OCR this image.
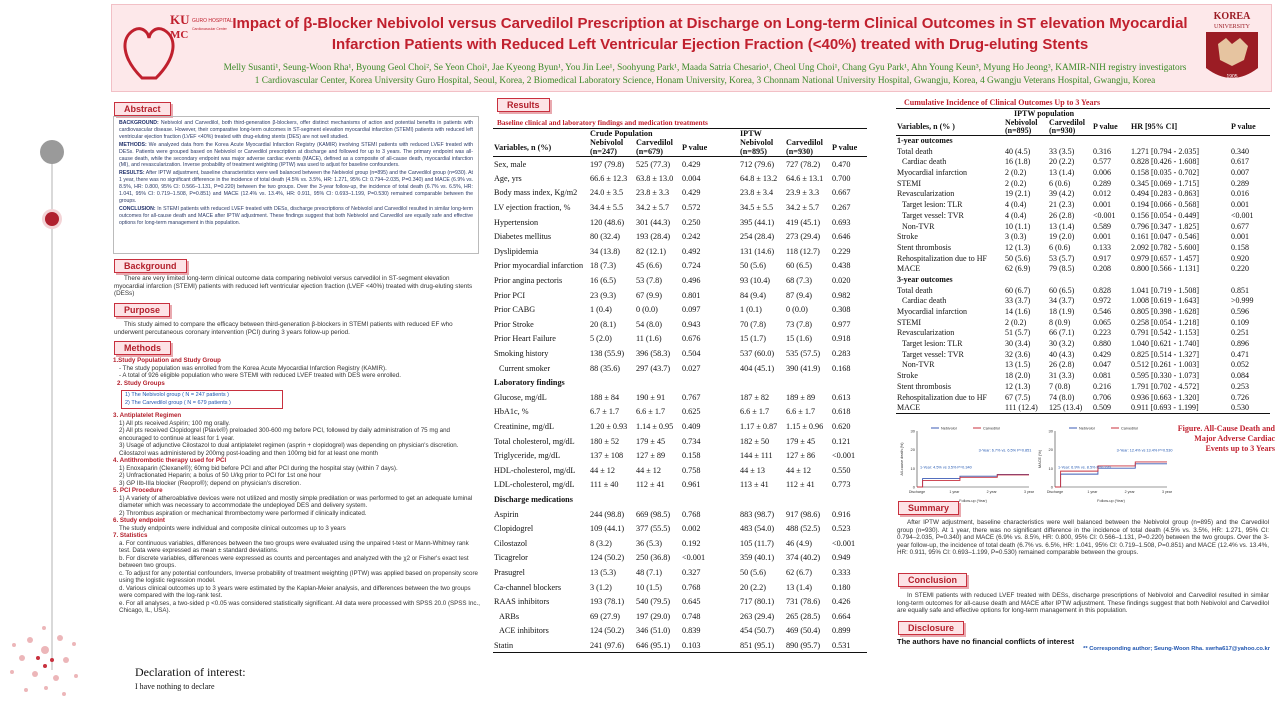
KU
MC
GURO HOSPITAL
Cardiovascular Center
KOREA
UNIVERSITY
1905
Impact of β-Blocker Nebivolol versus Carvedilol Prescription at Discharge on Long-term Clinical Outcomes in ST elevation Myocardial
Infarction Patients with Reduced Left Ventricular Ejection Fraction (<40%) treated with Drug-eluting Stents
Melly Susanti¹, Seung-Woon Rha¹, Byoung Geol Choi², Se Yeon Choi¹, Jae Kyeong Byun¹, You Jin Lee¹, Soohyung Park¹, Maada Satria Chesario¹, Cheol Ung Choi¹, Chang Gyu Park¹, Ahn Young Keun³, Myung Ho Jeong³, KAMIR-NIH registry investigators
1 Cardiovascular Center, Korea University Guro Hospital, Seoul, Korea, 2 Biomedical Laboratory Science, Honam University, Korea, 3 Chonnam National University Hospital, Gwangju, Korea, 4 Gwangju Veterans Hospital, Gwangju, Korea
Abstract

BACKGROUND: Nebivolol and Carvedilol, both third-generation β-blockers, offer distinct mechanisms of action and potential benefits in patients with cardiovascular disease. However, their comparative long-term outcomes in ST-segment elevation myocardial infarction (STEMI) patients with reduced left ventricular ejection fraction (LVEF <40%) treated with drug-eluting stents (DES) are not well studied.

METHODS: We analyzed data from the Korea Acute Myocardial Infarction Registry (KAMIR) involving STEMI patients with reduced LVEF treated with DESs. Patients were grouped based on Nebivolol or Carvedilol prescription at discharge and followed for up to 3 years. The primary endpoint was all-cause death, while the secondary endpoint was major adverse cardiac events (MACE), defined as a composite of all-cause death, myocardial infarction (MI), and revascularization. Inverse probability of treatment weighting (IPTW) was used to adjust for baseline confounders.

RESULTS: After IPTW adjustment, baseline characteristics were well balanced between the Nebivolol group (n=895) and the Carvedilol group (n=930). At 1 year, there was no significant difference in the incidence of total death (4.5% vs. 3.5%, HR: 1.271, 95% CI: 0.794–2.035, P=0.340) and MACE (6.9% vs. 8.5%, HR: 0.800, 95% CI: 0.566–1.131, P=0.220) between the two groups. Over the 3-year follow-up, the incidence of total death (6.7% vs. 6.5%, HR: 1.041, 95% CI: 0.719–1.508, P=0.851) and MACE (12.4% vs. 13.4%, HR: 0.911, 95% CI: 0.693–1.199, P=0.530) remained comparable between the groups.

CONCLUSION: In STEMI patients with reduced LVEF treated with DESs, discharge prescriptions of Nebivolol and Carvedilol resulted in similar long-term outcomes for all-cause death and MACE after IPTW adjustment. These findings suggest that both Nebivolol and Carvedilol are equally safe and effective options for long-term management in this population.

Background
There are very limited long-term clinical outcome data comparing nebivolol versus carvedilol in ST-segment elevation myocardial infarction (STEMI) patients with reduced left ventricular ejection fraction (LVEF <40%) treated with drug-eluting stents (DESs)
Purpose
This study aimed to compare the efficacy between third-generation β-blockers in STEMI patients with reduced EF who underwent percutaneous coronary intervention (PCI) during 3 years follow-up period.
Methods
1.Study Population and Study Group
- The study population was enrolled from the Korea Acute Myocardial Infarction Registry (KAMIR).
- A total of 926 eligible population who were STEMI with reduced LVEF treated with DES were enrolled.
2. Study Groups
1) The Nebivolol group ( N = 247 patients )
2) The Carvedilol group ( N = 679 patients )
3. Antiplatelet Regimen
1) All pts received Aspirin; 100 mg orally.
2) All pts received Clopidogrel (Plavix®) preloaded 300-600 mg before PCI, followed by daily administration of 75 mg and encouraged to continue at least for 1 year.
3) Usage of adjunctive Cilostazol to dual antiplatelet regimen (asprin + clopidogrel) was depending on physician's discretion. Cilostazol was administered by 200mg post-loading and then 100mg bid for at least one month
4. Antithrombotic therapy used for PCI
1) Enoxaparin (Clexane®); 60mg bid before PCI and after PCI during the hospital stay (within 7 days).
2) Unfractionated Heparin; a bolus of 50 U/kg prior to PCI for 1st one hour
3) GP IIb-IIIa blocker (Reopro®); depend on physician's discretion.
5. PCI Procedure
1) A variety of atheroablative devices were not utilized and mostly simple predilation or was performed to get an adequate luminal diameter which was necessary to accommodate the undeployed DES and delivery system.
2) Thrombus aspiration or mechanical thrombectomy were performed if clinically indicated.
6. Study endpoint
The study endpoints were individual and composite clinical outcomes up to 3 years
7. Statistics
a. For continuous variables, differences between the two groups were evaluated using the unpaired t-test or Mann-Whitney rank test. Data were expressed as mean ± standard deviations.
b. For discrete variables, differences were expressed as counts and percentages and analyzed with the χ2 or Fisher's exact test between two groups.
c. To adjust for any potential confounders, Inverse probability of treatment weighting (IPTW) was applied based on propensity score using the logistic regression model.
d. Various clinical outcomes up to 3 years were estimated by the Kaplan-Meier analysis, and differences between the two groups were compared with the log-rank test.
e. For all analyses, a two-sided p <0.05 was considered statistically significant. All data were processed with SPSS 20.0 (SPSS Inc., Chicago, IL, USA).
Declaration of interest:
I have nothing to declare
Results
Baseline clinical and laboratory findings and medication treatments
	Crude Population			IPTW		
Variables, n (%)	Nebivolol
(n=247)	Carvedilol
(n=679)	P value	Nebivolol
(n=895)	Carvedilol
(n=930)	P value
Sex, male	197 (79.8)	525 (77.3)	0.429	712 (79.6)	727 (78.2)	0.470
Age, yrs	66.6 ± 12.3	63.8 ± 13.0	0.004	64.8 ± 13.2	64.6 ± 13.1	0.700
Body mass index, Kg/m2	24.0 ± 3.5	23.8 ± 3.3	0.429	23.8 ± 3.4	23.9 ± 3.3	0.667
LV ejection fraction, %	34.4 ± 5.5	34.2 ± 5.7	0.572	34.5 ± 5.5	34.2 ± 5.7	0.267
Hypertension	120 (48.6)	301 (44.3)	0.250	395 (44.1)	419 (45.1)	0.693
Diabetes mellitus	80 (32.4)	193 (28.4)	0.242	254 (28.4)	273 (29.4)	0.646
Dyslipidemia	34 (13.8)	82 (12.1)	0.492	131 (14.6)	118 (12.7)	0.229
Prior myocardial infarction	18 (7.3)	45 (6.6)	0.724	50 (5.6)	60 (6.5)	0.438
Prior angina pectoris	16 (6.5)	53 (7.8)	0.496	93 (10.4)	68 (7.3)	0.020
Prior PCI	23 (9.3)	67 (9.9)	0.801	84 (9.4)	87 (9.4)	0.982
Prior CABG	1 (0.4)	0 (0.0)	0.097	1 (0.1)	0 (0.0)	0.308
Prior Stroke	20 (8.1)	54 (8.0)	0.943	70 (7.8)	73 (7.8)	0.977
Prior Heart Failure	5 (2.0)	11 (1.6)	0.676	15 (1.7)	15 (1.6)	0.918
Smoking history	138 (55.9)	396 (58.3)	0.504	537 (60.0)	535 (57.5)	0.283
Current smoker	88 (35.6)	297 (43.7)	0.027	404 (45.1)	390 (41.9)	0.168
Laboratory findings						
Glucose, mg/dL	188 ± 84	190 ± 91	0.767	187 ± 82	189 ± 89	0.613
HbA1c, %	6.7 ± 1.7	6.6 ± 1.7	0.625	6.6 ± 1.7	6.6 ± 1.7	0.618
Creatinine, mg/dL	1.20 ± 0.93	1.14 ± 0.95	0.409	1.17 ± 0.87	1.15 ± 0.96	0.620
Total cholesterol, mg/dL	180 ± 52	179 ± 45	0.734	182 ± 50	179 ± 45	0.121
Triglyceride, mg/dL	137 ± 108	127 ± 89	0.158	144 ± 111	127 ± 86	<0.001
HDL-cholesterol, mg/dL	44 ± 12	44 ± 12	0.758	44 ± 13	44 ± 12	0.550
LDL-cholesterol, mg/dL	111 ± 40	112 ± 41	0.961	113 ± 41	112 ± 41	0.773
Discharge medications						
Aspirin	244 (98.8)	669 (98.5)	0.768	883 (98.7)	917 (98.6)	0.916
Clopidogrel	109 (44.1)	377 (55.5)	0.002	483 (54.0)	488 (52.5)	0.523
Cilostazol	8 (3.2)	36 (5.3)	0.192	105 (11.7)	46 (4.9)	<0.001
Ticagrelor	124 (50.2)	250 (36.8)	<0.001	359 (40.1)	374 (40.2)	0.949
Prasugrel	13 (5.3)	48 (7.1)	0.327	50 (5.6)	62 (6.7)	0.333
Ca-channel blockers	3 (1.2)	10 (1.5)	0.768	20 (2.2)	13 (1.4)	0.180
RAAS inhibitors	193 (78.1)	540 (79.5)	0.645	717 (80.1)	731 (78.6)	0.426
ARBs	69 (27.9)	197 (29.0)	0.748	263 (29.4)	265 (28.5)	0.664
ACE inhibitors	124 (50.2)	346 (51.0)	0.839	454 (50.7)	469 (50.4)	0.899
Statin	241 (97.6)	646 (95.1)	0.103	851 (95.1)	890 (95.7)	0.531
Cumulative Incidence of Clinical Outcomes Up to 3 Years
	IPTW population				
Variables, n (% )	Nebivolol
(n=895)	Carvedilol
(n=930)	P value	HR [95% CI]	P value
1-year outcomes					
Total death	40 (4.5)	33 (3.5)	0.316	1.271 [0.794 - 2.035]	0.340
Cardiac death	16 (1.8)	20 (2.2)	0.577	0.828 [0.426 - 1.608]	0.617
Myocardial infarction	2 (0.2)	13 (1.4)	0.006	0.158 [0.035 - 0.702]	0.007
STEMI	2 (0.2)	6 (0.6)	0.289	0.345 [0.069 - 1.715]	0.289
Revascularization	19 (2.1)	39 (4.2)	0.012	0.494 [0.283 - 0.863]	0.016
Target lesion: TLR	4 (0.4)	21 (2.3)	0.001	0.194 [0.066 - 0.568]	0.001
Target vessel: TVR	4 (0.4)	26 (2.8)	<0.001	0.156 [0.054 - 0.449]	<0.001
Non-TVR	10 (1.1)	13 (1.4)	0.589	0.796 [0.347 - 1.825]	0.677
Stroke	3 (0.3)	19 (2.0)	0.001	0.161 [0.047 - 0.546]	0.001
Stent thrombosis	12 (1.3)	6 (0.6)	0.133	2.092 [0.782 - 5.600]	0.158
Rehospitalization due to HF	50 (5.6)	53 (5.7)	0.917	0.979 [0.657 - 1.457]	0.920
MACE	62 (6.9)	79 (8.5)	0.208	0.800 [0.566 - 1.131]	0.220
3-year outcomes					
Total death	60 (6.7)	60 (6.5)	0.828	1.041 [0.719 - 1.508]	0.851
Cardiac death	33 (3.7)	34 (3.7)	0.972	1.008 [0.619 - 1.643]	>0.999
Myocardial infarction	14 (1.6)	18 (1.9)	0.546	0.805 [0.398 - 1.628]	0.596
STEMI	2 (0.2)	8 (0.9)	0.065	0.258 [0.054 - 1.218]	0.109
Revascularization	51 (5.7)	66 (7.1)	0.223	0.791 [0.542 - 1.153]	0.251
Target lesion: TLR	30 (3.4)	30 (3.2)	0.880	1.040 [0.621 - 1.740]	0.896
Target vessel: TVR	32 (3.6)	40 (4.3)	0.429	0.825 [0.514 - 1.327]	0.471
Non-TVR	13 (1.5)	26 (2.8)	0.047	0.512 [0.261 - 1.003]	0.052
Stroke	18 (2.0)	31 (3.3)	0.081	0.595 [0.330 - 1.073]	0.084
Stent thrombosis	12 (1.3)	7 (0.8)	0.216	1.791 [0.702 - 4.572]	0.253
Rehospitalization due to HF	67 (7.5)	74 (8.0)	0.706	0.936 [0.663 - 1.320]	0.726
MACE	111 (12.4)	125 (13.4)	0.509	0.911 [0.693 - 1.199]	0.530
0
10
20
30
Discharge	1 year	2 year	3 year
Follow-up (Year)
All-cause death (%)
Nebivolol	Carvedilol
1-Year: 4.5% vs 3.5% P=0.340
3-Year: 6.7% vs. 6.5% P=0.851
0
10
20
30
Discharge	1 year	2 year	3 year
Follow-up (Year)
MACE (%)
Nebivolol	Carvedilol
1-Year: 6.9% vs. 8.5% P=0.220
3-Year: 12.4% vs 13.4% P=0.530
Figure. All-Cause Death and Major Adverse Cardiac Events up to 3 Years
Summary
After IPTW adjustment, baseline characteristics were well balanced between the Nebivolol group (n=895) and the Carvedilol group (n=930). At 1 year, there was no significant difference in the incidence of total death (4.5% vs. 3.5%, HR: 1.271, 95% CI: 0.794–2.035, P=0.340) and MACE (6.9% vs. 8.5%, HR: 0.800, 95% CI: 0.566–1.131, P=0.220) between the two groups. Over the 3-year follow-up, the incidence of total death (6.7% vs. 6.5%, HR: 1.041, 95% CI: 0.719–1.508, P=0.851) and MACE (12.4% vs. 13.4%, HR: 0.911, 95% CI: 0.693–1.199, P=0.530) remained comparable between the groups.
Conclusion
In STEMI patients with reduced LVEF treated with DESs, discharge prescriptions of Nebivolol and Carvedilol resulted in similar long-term outcomes for all-cause death and MACE after IPTW adjustment. These findings suggest that both Nebivolol and Carvedilol are equally safe and effective options for long-term management in this population.
Disclosure
The authors have no financial conflicts of interest
** Corresponding author; Seung-Woon Rha. swrha617@yahoo.co.kr
